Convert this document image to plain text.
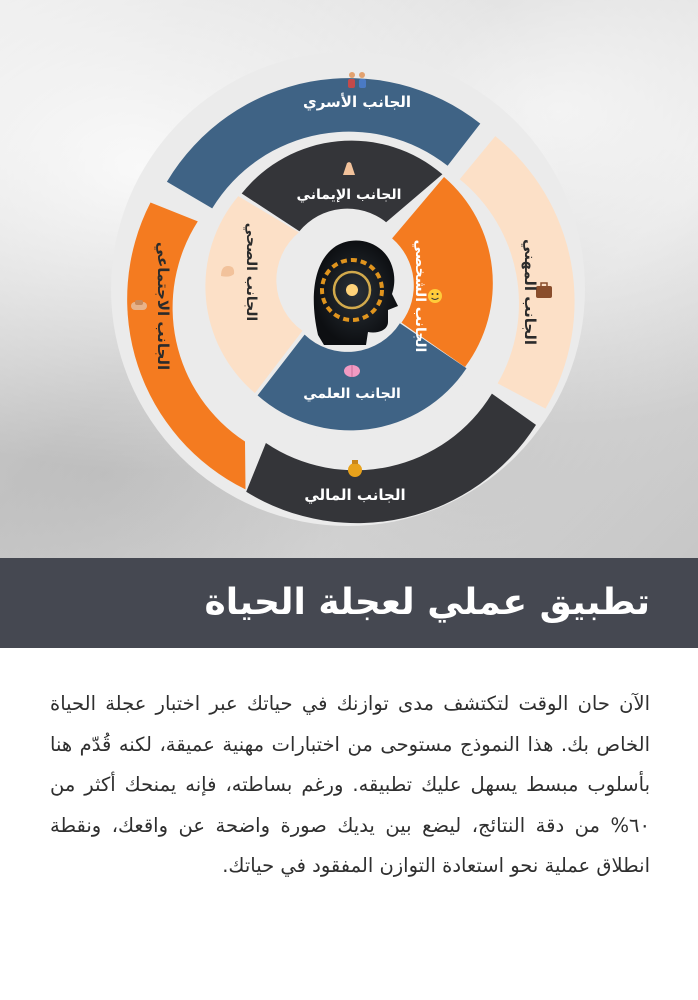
الجانب الأسري
الجانب المهني
الجانب المالي
الجانب الاجتماعي
الجانب الإيماني
الجانب الشخصي
الجانب العلمي
الجانب الصحي
تطبيق عملي لعجلة الحياة

الآن حان الوقت لتكتشف مدى توازنك في حياتك عبر اختبار عجلة الحياة الخاص بك. هذا النموذج مستوحى من اختبارات مهنية عميقة، لكنه قُدّم هنا بأسلوب مبسط يسهل عليك تطبيقه. ورغم بساطته، فإنه يمنحك أكثر من ٦٠% من دقة النتائج، ليضع بين يديك صورة واضحة عن واقعك، ونقطة انطلاق عملية نحو استعادة التوازن المفقود في حياتك.
